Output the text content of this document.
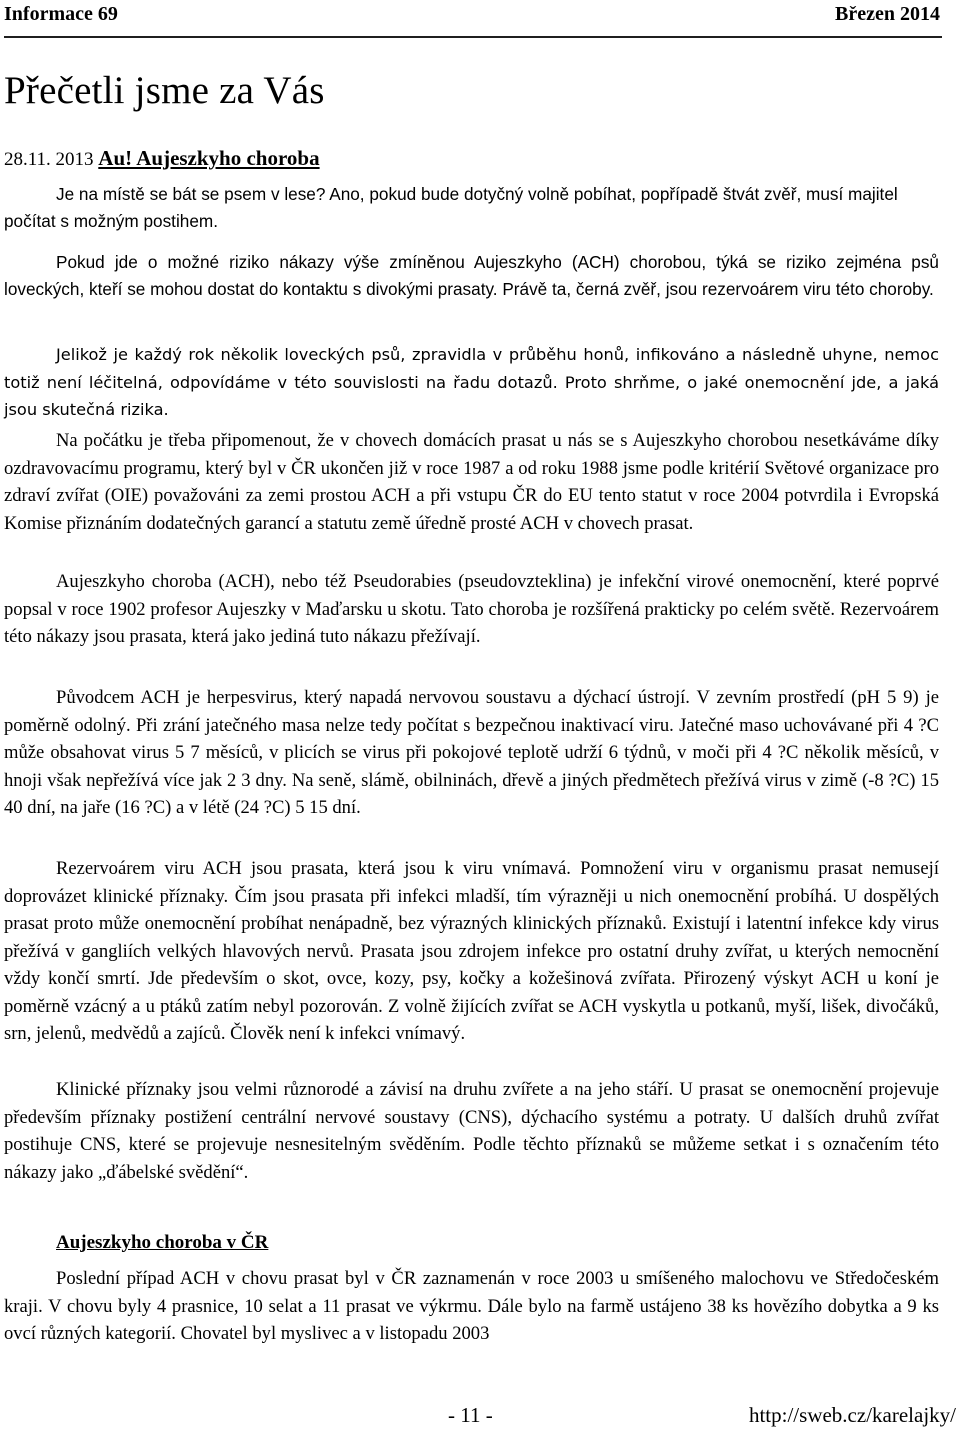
Informace 69	Březen 2014
Přečetli jsme za Vás
28.11. 2013 Au! Aujeszkyho choroba

Je na místě se bát se psem v lese? Ano, pokud bude dotyčný volně pobíhat, popřípadě štvát zvěř, musí majitel počítat s možným postihem.

Pokud jde o možné riziko nákazy výše zmíněnou Aujeszkyho (ACH) chorobou, týká se riziko zejména psů loveckých, kteří se mohou dostat do kontaktu s divokými prasaty. Právě ta, černá zvěř, jsou rezervoárem viru této choroby.

Jelikož je každý rok několik loveckých psů, zpravidla v průběhu honů, infikováno a následně uhyne, nemoc totiž není léčitelná, odpovídáme v této souvislosti na řadu dotazů. Proto shrňme, o jaké onemocnění jde, a jaká jsou skutečná rizika.

Na počátku je třeba připomenout, že v chovech domácích prasat u nás se s Aujeszkyho chorobou nesetkáváme díky ozdravovacímu programu, který byl v ČR ukončen již v roce 1987 a od roku 1988 jsme podle kritérií Světové organizace pro zdraví zvířat (OIE) považováni za zemi prostou ACH a při vstupu ČR do EU tento statut v roce 2004 potvrdila i Evropská Komise přiznáním dodatečných garancí a statutu země úředně prosté ACH v chovech prasat.

Aujeszkyho choroba (ACH), nebo též Pseudorabies (pseudovzteklina) je infekční virové onemocnění, které poprvé popsal v roce 1902 profesor Aujeszky v Maďarsku u skotu. Tato choroba je rozšířená prakticky po celém světě. Rezervoárem této nákazy jsou prasata, která jako jediná tuto nákazu přežívají.

Původcem ACH je herpesvirus, který napadá nervovou soustavu a dýchací ústrojí. V zevním prostředí (pH 5 9) je poměrně odolný. Při zrání jatečného masa nelze tedy počítat s bezpečnou inaktivací viru. Jatečné maso uchovávané při 4 ?C může obsahovat virus 5 7 měsíců, v plicích se virus při pokojové teplotě udrží 6 týdnů, v moči při 4 ?C několik měsíců, v hnoji však nepřežívá více jak 2 3 dny. Na seně, slámě, obilninách, dřevě a jiných předmětech přežívá virus v zimě (-8 ?C) 15 40 dní, na jaře (16 ?C) a v létě (24 ?C) 5 15 dní.

Rezervoárem viru ACH jsou prasata, která jsou k viru vnímavá. Pomnožení viru v organismu prasat nemusejí doprovázet klinické příznaky. Čím jsou prasata při infekci mladší, tím výrazněji u nich onemocnění probíhá. U dospělých prasat proto může onemocnění probíhat nenápadně, bez výrazných klinických příznaků. Existují i latentní infekce kdy virus přežívá v gangliích velkých hlavových nervů. Prasata jsou zdrojem infekce pro ostatní druhy zvířat, u kterých nemocnění vždy končí smrtí. Jde především o skot, ovce, kozy, psy, kočky a kožešinová zvířata. Přirozený výskyt ACH u koní je poměrně vzácný a u ptáků zatím nebyl pozorován. Z volně žijících zvířat se ACH vyskytla u potkanů, myší, lišek, divočáků, srn, jelenů, medvědů a zajíců. Člověk není k infekci vnímavý.

Klinické příznaky jsou velmi různorodé a závisí na druhu zvířete a na jeho stáří. U prasat se onemocnění projevuje především příznaky postižení centrální nervové soustavy (CNS), dýchacího systému a potraty. U dalších druhů zvířat postihuje CNS, které se projevuje nesnesitelným svěděním. Podle těchto příznaků se můžeme setkat i s označením této nákazy jako „ďábelské svědění“.

Aujeszkyho choroba v ČR

Poslední případ ACH v chovu prasat byl v ČR zaznamenán v roce 2003 u smíšeného malochovu ve Středočeském kraji. V chovu byly 4 prasnice, 10 selat a 11 prasat ve výkrmu. Dále bylo na farmě ustájeno 38 ks hovězího dobytka a 9 ks ovcí různých kategorií. Chovatel byl myslivec a v listopadu 2003

- 11 -	http://sweb.cz/karelajky/
